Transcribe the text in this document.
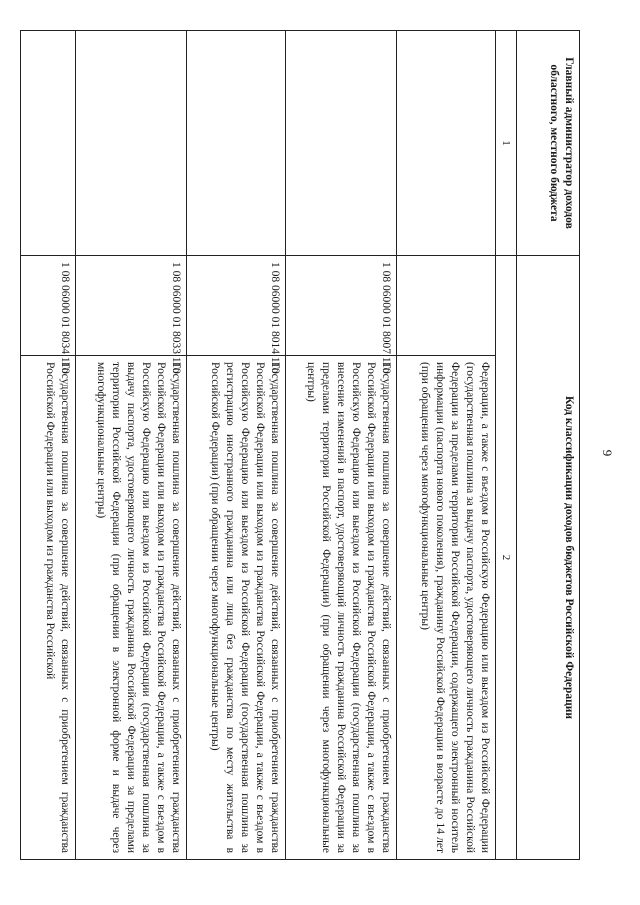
9
Главный администратор доходов областного, местного бюджета	Код классификации доходов бюджетов Российской Федерации	
1	2	
		Федерации, а также с въездом в Российскую Федерацию или выездом из Российской Федерации (государственная пошлина за выдачу паспорта, удостоверяющего личность гражданина Российской Федерации за пределами территории Российской Федерации, содержащего электронный носитель информации (паспорта нового поколения), гражданину Российской Федерации в возрасте до 14 лет (при обращении через многофункциональные центры)
	1 08 06000 01 8007 110	Государственная пошлина за совершение действий, связанных с приобретением гражданства Российской Федерации или выходом из гражданства Российской Федерации, а также с въездом в Российскую Федерацию или выездом из Российской Федерации (государственная пошлина за внесение изменений в паспорт, удостоверяющий личность гражданина Российской Федерации за пределами территории Российской Федерации) (при обращении через многофункциональные центры)
	1 08 06000 01 8014 110	Государственная пошлина за совершение действий, связанных с приобретением гражданства Российской Федерации или выходом из гражданства Российской Федерации, а также с въездом в Российскую Федерацию или выездом из Российской Федерации (государственная пошлина за регистрацию иностранного гражданина или лица без гражданства по месту жительства в Российской Федерации) (при обращении через многофункциональные центры)
	1 08 06000 01 8033 110	Государственная пошлина за совершение действий, связанных с приобретением гражданства Российской Федерации или выходом из гражданства Российской Федерации, а также с въездом в Российскую Федерацию или выездом из Российской Федерации (государственная пошлина за выдачу паспорта, удостоверяющего личность гражданина Российской Федерации за пределами территории Российской Федерации (при обращении в электронной форме и выдаче через многофункциональные центры)
	1 08 06000 01 8034 110	Государственная пошлина за совершение действий, связанных с приобретением гражданства Российской Федерации или выходом из гражданства Российской
